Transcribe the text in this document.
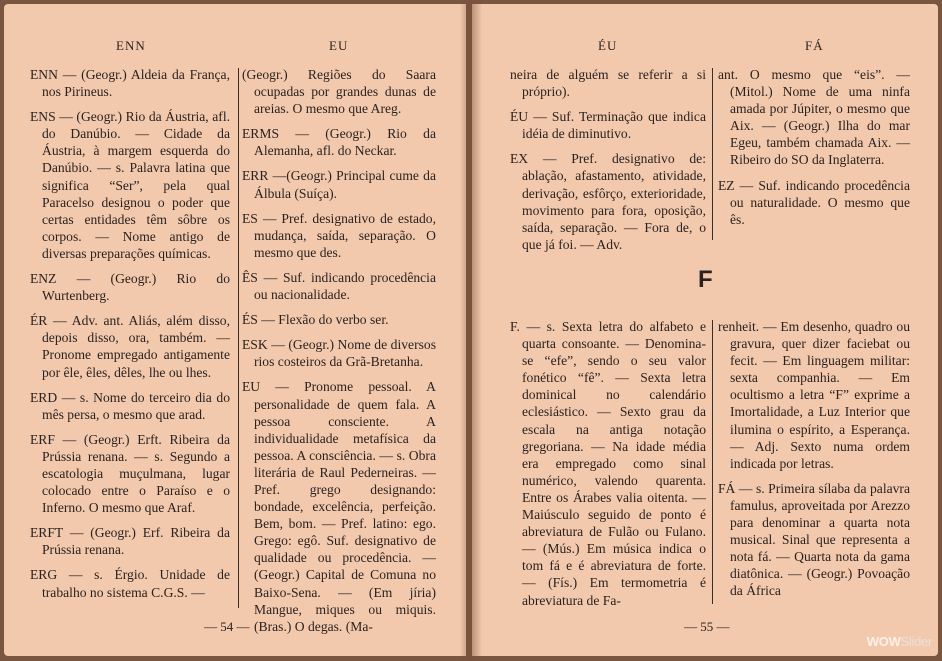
ENN	EU

ENN — (Geogr.) Aldeia da França, nos Pirineus.

ENS — (Geogr.) Rio da Áustria, afl. do Danúbio. — Cidade da Áustria, à margem esquerda do Danúbio. — s. Palavra latina que significa “Ser”, pela qual Paracelso designou o poder que certas entidades têm sôbre os corpos. — Nome antigo de diversas preparações químicas.

ENZ — (Geogr.) Rio do Wurtenberg.

ÉR — Adv. ant. Aliás, além disso, depois disso, ora, também. — Pronome empregado antigamente por êle, êles, dêles, lhe ou lhes.

ERD — s. Nome do terceiro dia do mês persa, o mesmo que arad.

ERF — (Geogr.) Erft. Ribeira da Prússia renana. — s. Segundo a escatologia muçulmana, lugar colocado entre o Paraíso e o Inferno. O mesmo que Araf.

ERFT — (Geogr.) Erf. Ribeira da Prússia renana.

ERG — s. Érgio. Unidade de trabalho no sistema C.G.S. —

(Geogr.) Regiões do Saara ocupadas por grandes dunas de areias. O mesmo que Areg.

ERMS — (Geogr.) Rio da Alemanha, afl. do Neckar.

ERR —(Geogr.) Principal cume da Álbula (Suíça).

ES — Pref. designativo de estado, mudança, saída, separação. O mesmo que des.

ÊS — Suf. indicando procedência ou nacionalidade.

ÉS — Flexão do verbo ser.

ESK — (Geogr.) Nome de diversos rios costeiros da Grã-Bretanha.

EU — Pronome pessoal. A personalidade de quem fala. A pessoa consciente. A individualidade metafísica da pessoa. A consciência. — s. Obra literária de Raul Pederneiras. — Pref. grego designando: bondade, excelência, perfeição. Bem, bom. — Pref. latino: ego. Grego: egô. Suf. designativo de qualidade ou procedência. — (Geogr.) Capital de Comuna no Baixo-Sena. — (Em jíria) Mangue, miques ou miquis. (Bras.) O degas. (Ma-

— 54 —
ÉU	FÁ

neira de alguém se referir a si próprio).

ÉU — Suf. Terminação que indica idéia de diminutivo.

EX — Pref. designativo de: ablação, afastamento, atividade, derivação, esfôrço, exterioridade, movimento para fora, oposição, saída, separação. — Fora de, o que já foi. — Adv.

ant. O mesmo que “eis”. — (Mitol.) Nome de uma ninfa amada por Júpiter, o mesmo que Aix. — (Geogr.) Ilha do mar Egeu, também chamada Aix. — Ribeiro do SO da Inglaterra.

EZ — Suf. indicando procedência ou naturalidade. O mesmo que ês.

F

F. — s. Sexta letra do alfabeto e quarta consoante. — Denomina-se “efe”, sendo o seu valor fonético “fê”. — Sexta letra dominical no calendário eclesiástico. — Sexto grau da escala na antiga notação gregoriana. — Na idade média era empregado como sinal numérico, valendo quarenta. Entre os Árabes valia oitenta. — Maiúsculo seguido de ponto é abreviatura de Fulão ou Fulano. — (Mús.) Em música indica o tom fá e é abreviatura de forte. — (Fís.) Em termometria é abreviatura de Fa-

renheit. — Em desenho, quadro ou gravura, quer dizer faciebat ou fecit. — Em linguagem militar: sexta companhia. — Em ocultismo a letra “F” exprime a Imortalidade, a Luz Interior que ilumina o espírito, a Esperança. — Adj. Sexto numa ordem indicada por letras.

FÁ — s. Primeira sílaba da palavra famulus, aproveitada por Arezzo para denominar a quarta nota musical. Sinal que representa a nota fá. — Quarta nota da gama diatônica. — (Geogr.) Povoação da África

— 55 —
WOWSlider
